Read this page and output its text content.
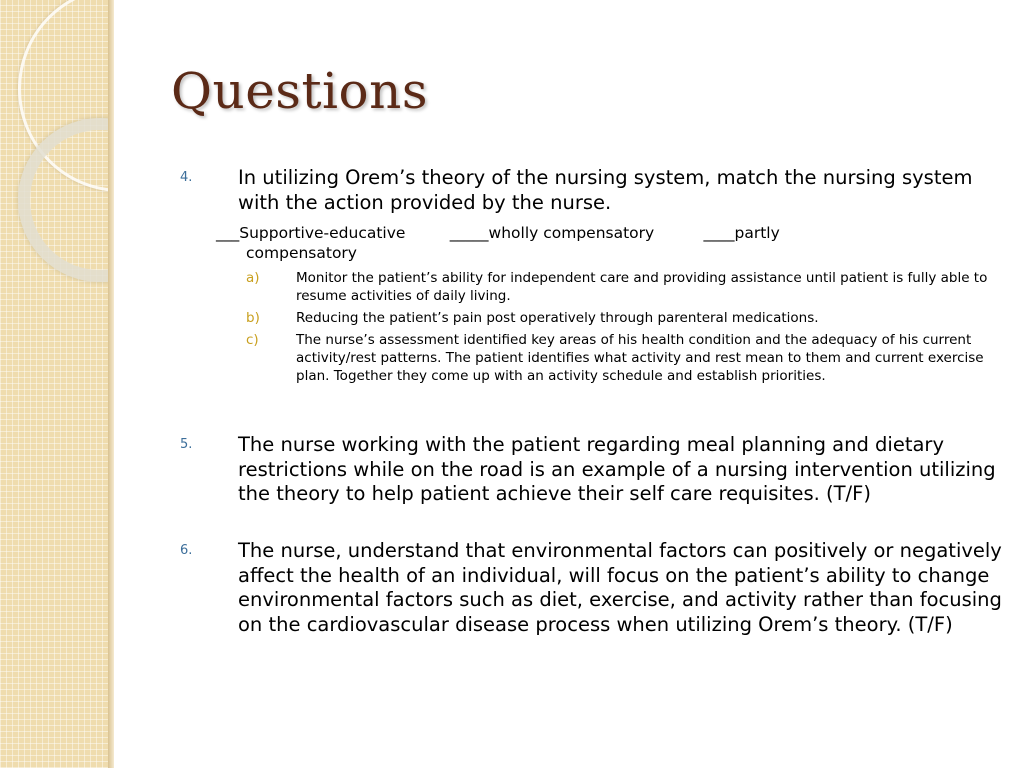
Questions
4. In utilizing Orem’s theory of the nursing system, match the nursing system with the action provided by the nurse.
___Supportive-educative         _____wholly compensatory          ____partly
compensatory
a)	Monitor the patient’s ability for independent care and providing assistance until patient is fully able to resume activities of daily living.
b)	Reducing the patient’s pain post operatively through parenteral medications.
c)	The nurse’s assessment identified key areas of his health condition and the adequacy of his current activity/rest patterns. The patient identifies what activity and rest mean to them and current exercise plan. Together they come up with an activity schedule and establish priorities.
5. The nurse working with the patient regarding meal planning and dietary restrictions while on the road is an example of a nursing intervention utilizing the theory to help patient achieve their self care requisites. (T/F)
6. The nurse, understand that environmental factors can positively or negatively affect the health of an individual, will focus on the patient’s ability to change environmental factors such as diet, exercise, and activity rather than focusing on the cardiovascular disease process when utilizing Orem’s theory. (T/F)
